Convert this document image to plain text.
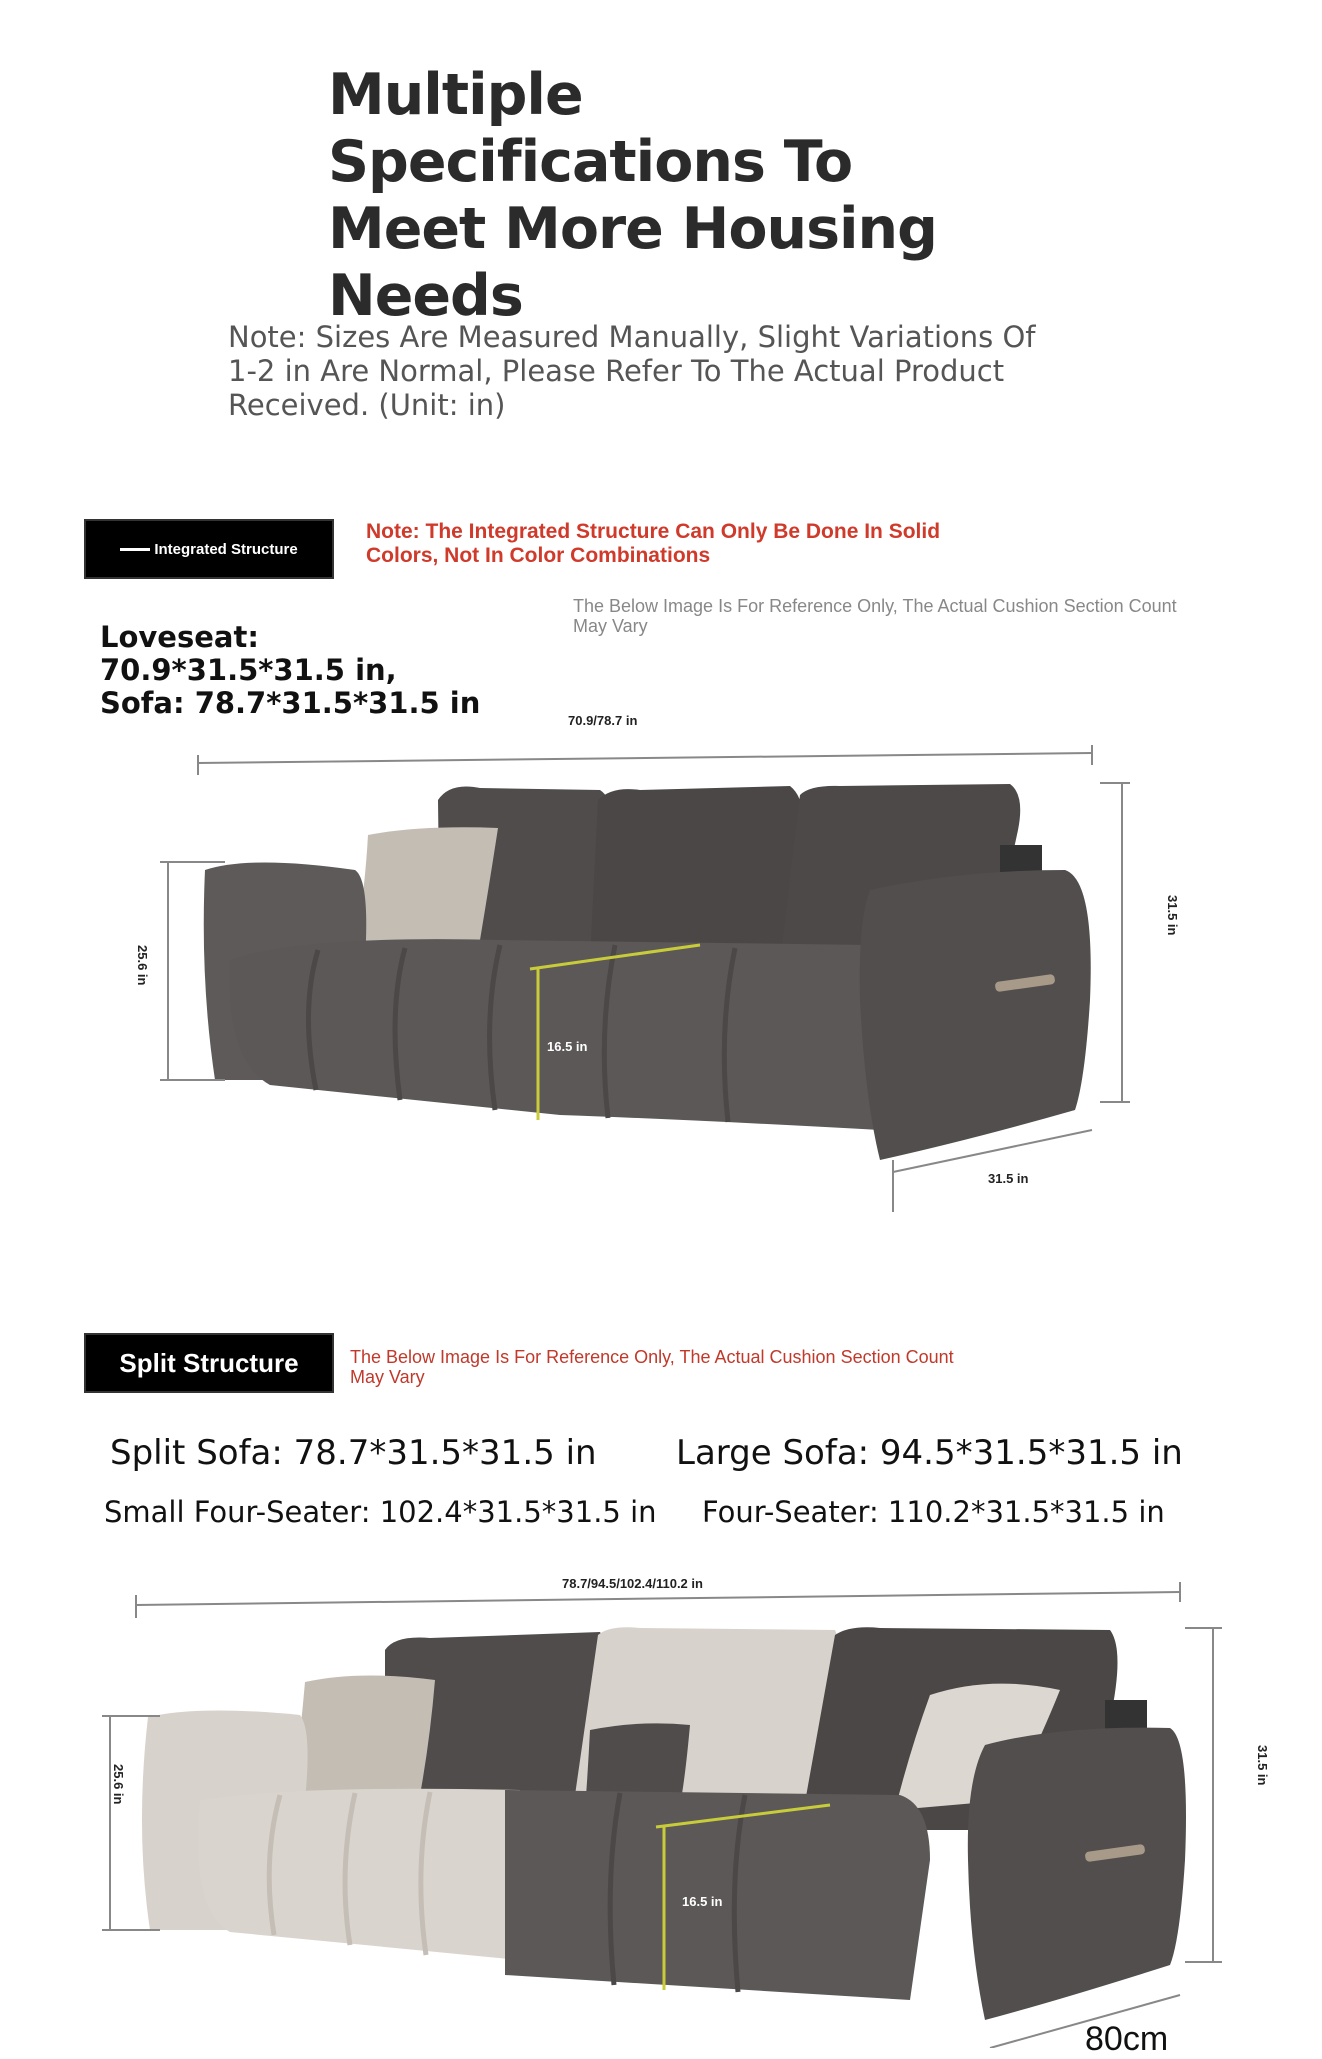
Multiple Specifications To Meet More Housing Needs
Note: Sizes Are Measured Manually, Slight Variations Of 1-2 in Are Normal, Please Refer To The Actual Product Received. (Unit: in)
Integrated Structure
Note: The Integrated Structure Can Only Be Done In Solid Colors, Not In Color Combinations
The Below Image Is For Reference Only, The Actual Cushion Section Count May Vary
Loveseat:
70.9*31.5*31.5 in,
Sofa: 78.7*31.5*31.5 in
70.9/78.7 in
25.6 in
16.5 in
31.5 in
31.5 in
Split Structure	The Below Image Is For Reference Only, The Actual Cushion Section Count May Vary
Split Sofa: 78.7*31.5*31.5 in Large Sofa: 94.5*31.5*31.5 in
Small Four-Seater: 102.4*31.5*31.5 in Four-Seater: 110.2*31.5*31.5 in
78.7/94.5/102.4/110.2 in
25.6 in
16.5 in
31.5 in
80cm
